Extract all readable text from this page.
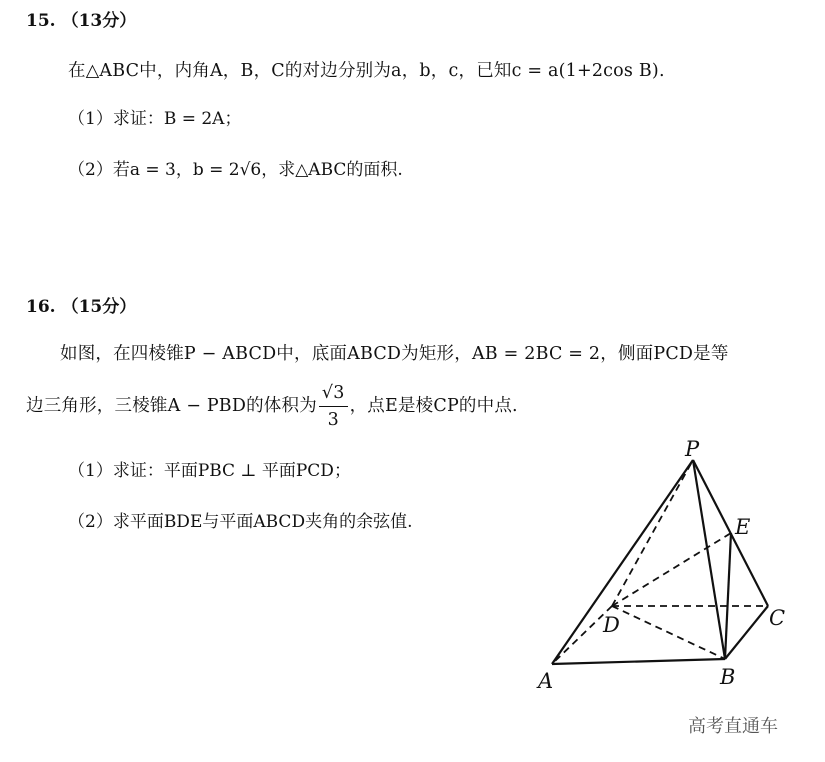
15. （13分）
在△ABC中，内角A，B，C的对边分别为a，b，c，已知c = a(1+2cos B).
（1）求证：B = 2A；
（2）若a = 3，b = 2√6，求△ABC的面积.
16. （15分）
如图，在四棱锥P − ABCD中，底面ABCD为矩形，AB = 2BC = 2，侧面PCD是等
边三角形，三棱锥A − PBD的体积为 $\frac{√3}{3}$ ，点E是棱CP的中点.
（1）求证：平面PBC ⊥ 平面PCD；
（2）求平面BDE与平面ABCD夹角的余弦值.
P
E
C
D
A	B
高考直通车
